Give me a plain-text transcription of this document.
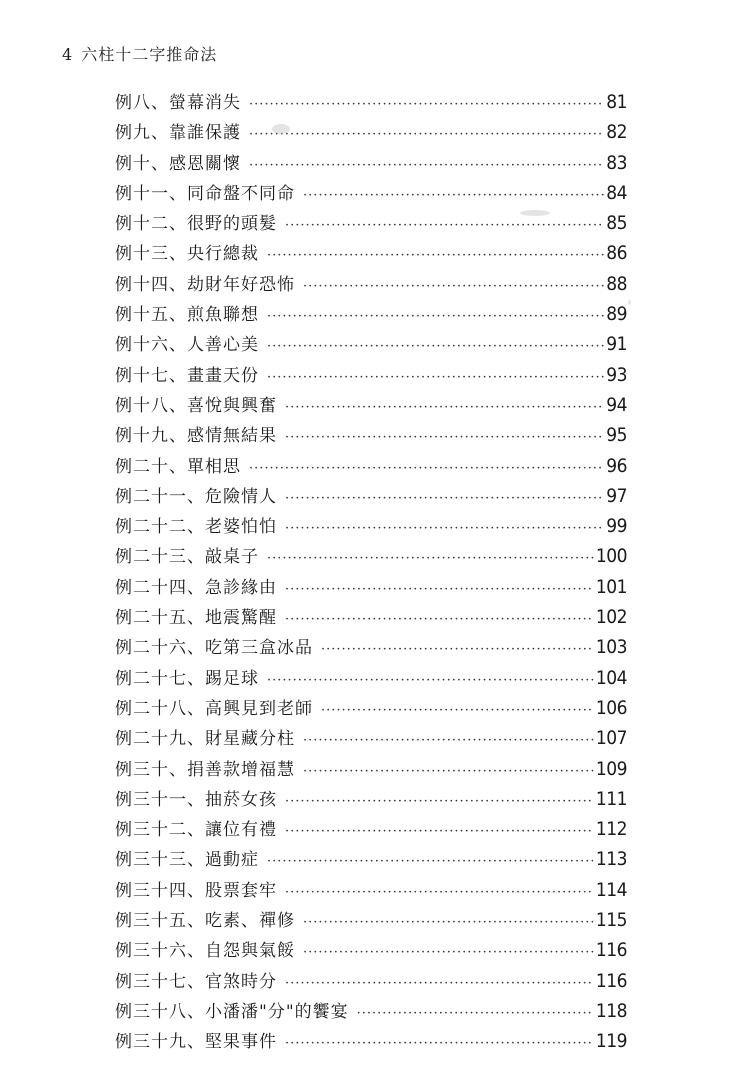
4 六柱十二字推命法
例八、螢幕消失 ·····	81
例九、靠誰保護 ·····	82
例十、感恩關懷 ·····	83
例十一、同命盤不同命 ·····	84
例十二、很野的頭髮 ·····	85
例十三、央行總裁 ·····	86
例十四、劫財年好恐怖 ·····	88
例十五、煎魚聯想 ·····	89
例十六、人善心美 ·····	91
例十七、畫畫天份 ·····	93
例十八、喜悅與興奮 ·····	94
例十九、感情無結果 ·····	95
例二十、單相思 ·····	96
例二十一、危險情人 ·····	97
例二十二、老婆怕怕 ·····	99
例二十三、敲桌子 ·····	100
例二十四、急診緣由 ·····	101
例二十五、地震驚醒 ·····	102
例二十六、吃第三盒冰品 ·····	103
例二十七、踢足球 ·····	104
例二十八、高興見到老師 ·····	106
例二十九、財星藏分柱 ·····	107
例三十、捐善款增福慧 ·····	109
例三十一、抽菸女孩 ·····	111
例三十二、讓位有禮 ·····	112
例三十三、過動症 ·····	113
例三十四、股票套牢 ·····	114
例三十五、吃素、禪修 ·····	115
例三十六、自怨與氣餒 ·····	116
例三十七、官煞時分 ·····	116
例三十八、小潘潘"分"的饗宴 ·····	118
例三十九、堅果事件 ·····	119
